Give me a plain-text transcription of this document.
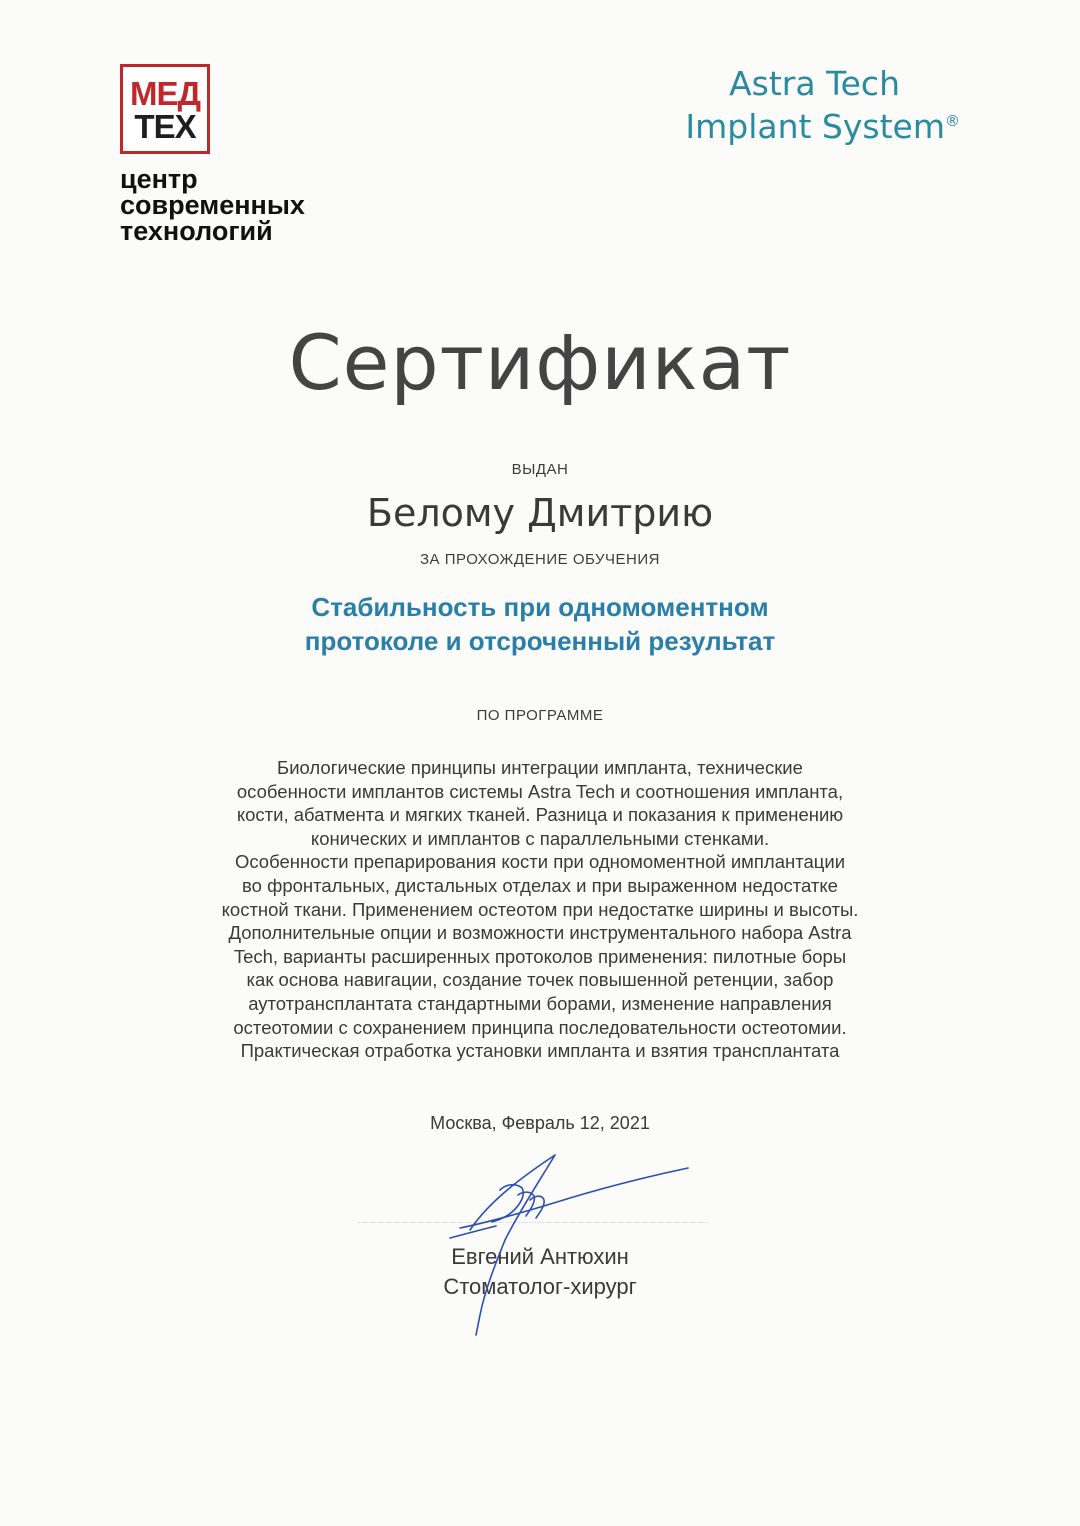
МЕД
ТЕХ
центр
современных
технологий
Astra Tech
Implant System®
Сертификат
ВЫДАН
Белому Дмитрию
ЗА ПРОХОЖДЕНИЕ ОБУЧЕНИЯ
Стабильность при одномоментном
протоколе и отсроченный результат
ПО ПРОГРАММЕ
Биологические принципы интеграции импланта, технические
особенности имплантов системы Astra Tech и соотношения импланта,
кости, абатмента и мягких тканей. Разница и показания к применению
конических и имплантов с параллельными стенками.
Особенности препарирования кости при одномоментной имплантации
во фронтальных, дистальных отделах и при выраженном недостатке
костной ткани. Применением остеотом при недостатке ширины и высоты.
Дополнительные опции и возможности инструментального набора Astra
Tech, варианты расширенных протоколов применения: пилотные боры
как основа навигации, создание точек повышенной ретенции, забор
аутотрансплантата стандартными борами, изменение направления
остеотомии с сохранением принципа последовательности остеотомии.
Практическая отработка установки импланта и взятия трансплантата
Москва, Февраль 12, 2021
Евгений Антюхин
Стоматолог-хирург
